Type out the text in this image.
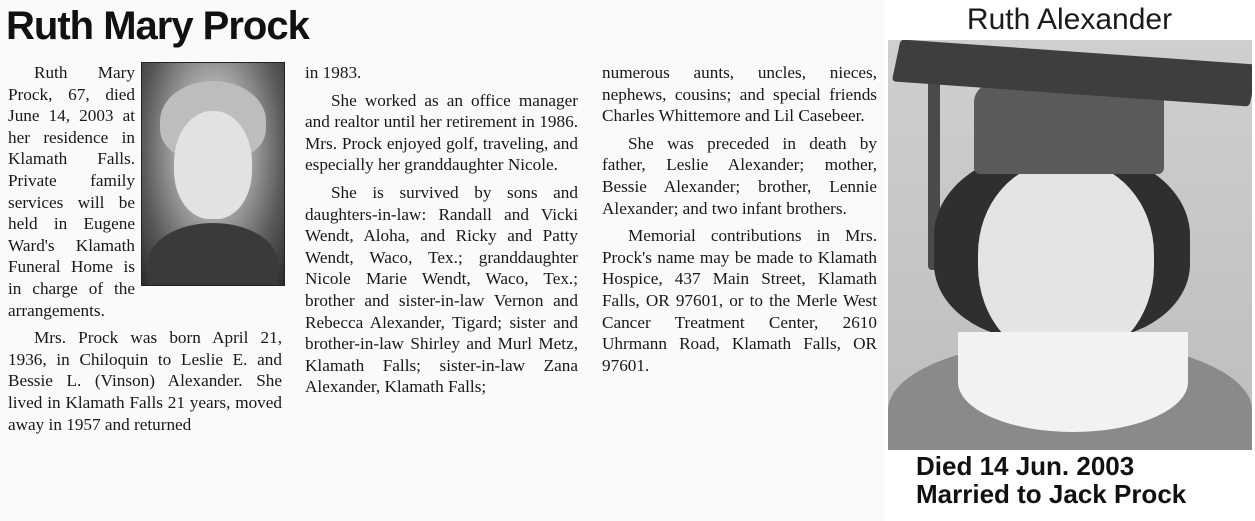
Ruth Mary Prock

Ruth Mary Prock, 67, died June 14, 2003 at her residence in Klamath Falls. Private family services will be held in Eugene Ward's Klamath Funeral Home is in charge of the arrangements.

Mrs. Prock was born April 21, 1936, in Chiloquin to Leslie E. and Bessie L. (Vinson) Alexander. She lived in Klamath Falls 21 years, moved away in 1957 and returned

in 1983.

She worked as an office manager and realtor until her retirement in 1986. Mrs. Prock enjoyed golf, traveling, and especially her granddaughter Nicole.

She is survived by sons and daughters-in-law: Randall and Vicki Wendt, Aloha, and Ricky and Patty Wendt, Waco, Tex.; granddaughter Nicole Marie Wendt, Waco, Tex.; brother and sister-in-law Vernon and Rebecca Alexander, Tigard; sister and brother-in-law Shirley and Murl Metz, Klamath Falls; sister-in-law Zana Alexander, Klamath Falls;

numerous aunts, uncles, nieces, nephews, cousins; and special friends Charles Whittemore and Lil Casebeer.

She was preceded in death by father, Leslie Alexander; mother, Bessie Alexander; brother, Lennie Alexander; and two infant brothers.

Memorial contributions in Mrs. Prock's name may be made to Klamath Hospice, 437 Main Street, Klamath Falls, OR 97601, or to the Merle West Cancer Treatment Center, 2610 Uhrmann Road, Klamath Falls, OR 97601.

Ruth Alexander
Died 14 Jun. 2003
Married to Jack Prock
